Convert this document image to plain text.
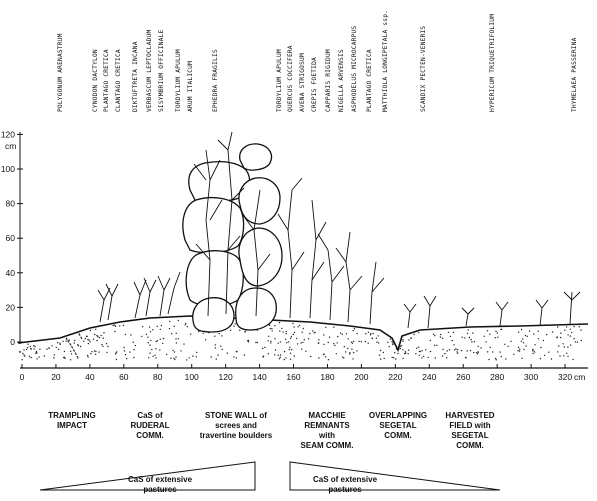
POLYGONUM ARENASTRUM	CYNODON DACTYLON PLANTAGO CRETICA CLANTAGO CRETICA DIKTUFTRETA INCANA VERBASCUM LEPTOCLADUM SISYMBRIUM OFFICINALE TORDYLIUM APULUM ARUM ITALICUM	EPHEDRA FRAGILIS	TORDYLIUM APULUM QUERCUS COCCIFERA AVENA STRIGOSUM CREPIS FOETIDA CAPPARIS RIGIDUM NIGELLA ARVENSIS ASPHODELUS MICROCARPUS PLANTAGO CRETICA MATTHIOLA LONGIPETALA ssp.	SCANDIX PECTEN-VENERIS	HYPERICUM TRIQUETRIFOLIUM	THYMELAEA PASSERINA
120
100
80
60
40
20
0
cm
0	20	40	60	80	100 120 140 160 180 200 220 240 260 280 300 320 cm
TRAMPLING
IMPACT
CaS of
RUDERAL
COMM.
STONE WALL of
screes and
travertine boulders
MACCHIE
REMNANTS
with
SEAM COMM.
OVERLAPPING
SEGETAL
COMM.
HARVESTED
FIELD with
SEGETAL
COMM.
CaS of extensive
pastures
CaS of extensive
pastures
